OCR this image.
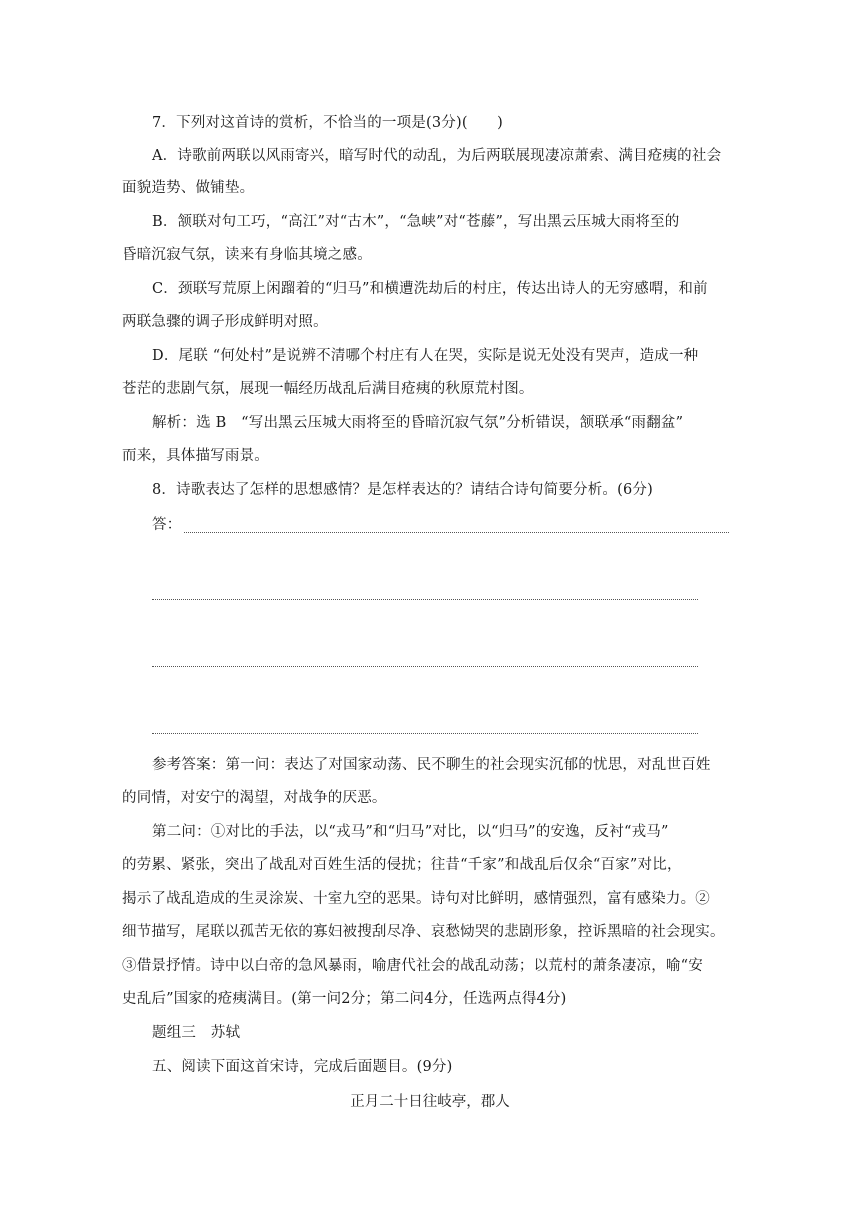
7．下列对这首诗的赏析，不恰当的一项是(3分)(　　)
A．诗歌前两联以风雨寄兴，暗写时代的动乱，为后两联展现凄凉萧索、满目疮痍的社会
面貌造势、做铺垫。
B．颔联对句工巧，“高江”对“古木”，“急峡”对“苍藤”，写出黑云压城大雨将至的
昏暗沉寂气氛，读来有身临其境之感。
C．颈联写荒原上闲蹓着的“归马”和横遭洗劫后的村庄，传达出诗人的无穷感喟，和前
两联急骤的调子形成鲜明对照。
D．尾联 “何处村”是说辨不清哪个村庄有人在哭，实际是说无处没有哭声，造成一种
苍茫的悲剧气氛，展现一幅经历战乱后满目疮痍的秋原荒村图。
解析：选 B　“写出黑云压城大雨将至的昏暗沉寂气氛”分析错误，颔联承“雨翻盆”
而来，具体描写雨景。
8．诗歌表达了怎样的思想感情？是怎样表达的？请结合诗句简要分析。(6分)
答：
参考答案：第一问：表达了对国家动荡、民不聊生的社会现实沉郁的忧思，对乱世百姓
的同情，对安宁的渴望，对战争的厌恶。
第二问：①对比的手法，以“戎马”和“归马”对比，以“归马”的安逸，反衬“戎马”
的劳累、紧张，突出了战乱对百姓生活的侵扰；往昔“千家”和战乱后仅余“百家”对比，
揭示了战乱造成的生灵涂炭、十室九空的恶果。诗句对比鲜明，感情强烈，富有感染力。②
细节描写，尾联以孤苦无依的寡妇被搜刮尽净、哀愁恸哭的悲剧形象，控诉黑暗的社会现实。
③借景抒情。诗中以白帝的急风暴雨，喻唐代社会的战乱动荡；以荒村的萧条凄凉，喻“安
史乱后”国家的疮痍满目。(第一问2分；第二问4分，任选两点得4分)
题组三　苏轼
五、阅读下面这首宋诗，完成后面题目。(9分)
正月二十日往岐亭，郡人
